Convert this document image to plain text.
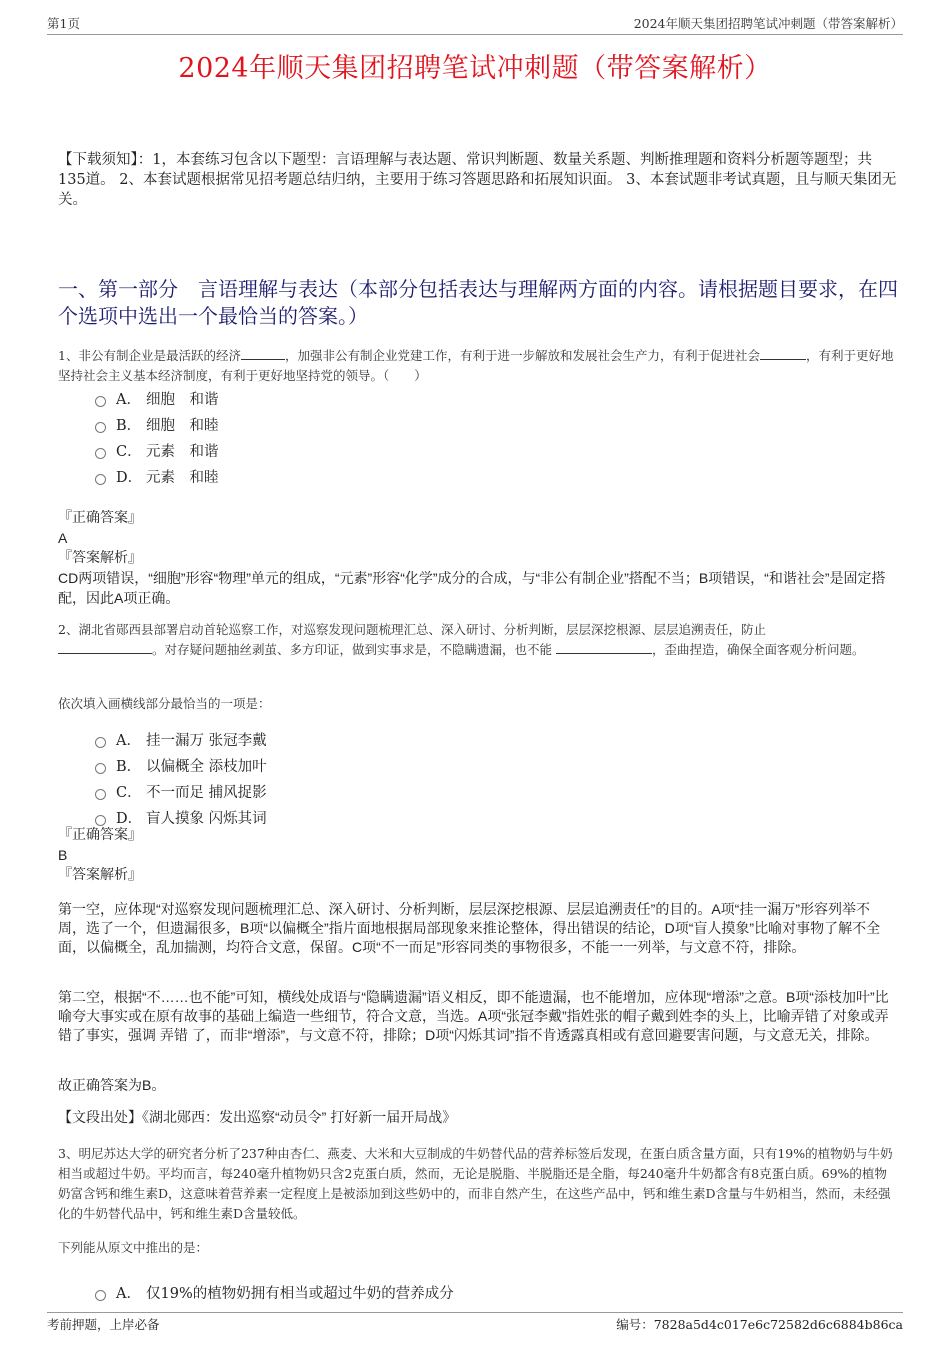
第1页	2024年顺天集团招聘笔试冲刺题（带答案解析）
2024年顺天集团招聘笔试冲刺题（带答案解析）
【下载须知】：1，本套练习包含以下题型：言语理解与表达题、常识判断题、数量关系题、判断推理题和资料分析题等题型；共135道。 2、本套试题根据常见招考题总结归纳，主要用于练习答题思路和拓展知识面。 3、本套试题非考试真题，且与顺天集团无关。
一、第一部分　言语理解与表达（本部分包括表达与理解两方面的内容。请根据题目要求，在四个选项中选出一个最恰当的答案。）
1、非公有制企业是最活跃的经济	，加强非公有制企业党建工作，有利于进一步解放和发展社会生产力，有利于促进社会	，有利于更好地坚持社会主义基本经济制度，有利于更好地坚持党的领导。（　　）
A． 细胞　和谐
B． 细胞　和睦
C． 元素　和谐
D． 元素　和睦
『正确答案』
A
『答案解析』
CD两项错误，“细胞”形容“物理”单元的组成，“元素”形容“化学”成分的合成，与“非公有制企业”搭配不当；B项错误，“和谐社会”是固定搭配，因此A项正确。
2、湖北省郧西县部署启动首轮巡察工作，对巡察发现问题梳理汇总、深入研讨、分析判断，层层深挖根源、层层追溯责任，防止
。对存疑问题抽丝剥茧、多方印证，做到实事求是，不隐瞒遗漏，也不能	，歪曲捏造，确保全面客观分析问题。
依次填入画横线部分最恰当的一项是：
A． 挂一漏万 张冠李戴
B． 以偏概全 添枝加叶
C． 不一而足 捕风捉影
D． 盲人摸象 闪烁其词
『正确答案』
B
『答案解析』
第一空，应体现“对巡察发现问题梳理汇总、深入研讨、分析判断，层层深挖根源、层层追溯责任”的目的。A项“挂一漏万”形容列举不周，选了一个，但遗漏很多，B项“以偏概全”指片面地根据局部现象来推论整体，得出错误的结论，D项“盲人摸象”比喻对事物了解不全面，以偏概全，乱加揣测，均符合文意，保留。C项“不一而足”形容同类的事物很多，不能一一列举，与文意不符，排除。
第二空，根据“不……也不能”可知，横线处成语与“隐瞒遗漏”语义相反，即不能遗漏，也不能增加，应体现“增添”之意。B项“添枝加叶”比喻夸大事实或在原有故事的基础上编造一些细节，符合文意，当选。A项“张冠李戴”指姓张的帽子戴到姓李的头上，比喻弄错了对象或弄错了事实，强调 弄错 了，而非“增添”，与文意不符，排除；D项“闪烁其词”指不肯透露真相或有意回避要害问题，与文意无关，排除。
故正确答案为B。
【文段出处】《湖北郧西：发出巡察“动员令” 打好新一届开局战》
3、明尼苏达大学的研究者分析了237种由杏仁、燕麦、大米和大豆制成的牛奶替代品的营养标签后发现，在蛋白质含量方面，只有19%的植物奶与牛奶相当或超过牛奶。平均而言，每240毫升植物奶只含2克蛋白质，然而，无论是脱脂、半脱脂还是全脂，每240毫升牛奶都含有8克蛋白质。69%的植物奶富含钙和维生素D，这意味着营养素一定程度上是被添加到这些奶中的，而非自然产生，在这些产品中，钙和维生素D含量与牛奶相当，然而，未经强化的牛奶替代品中，钙和维生素D含量较低。
下列能从原文中推出的是：
A． 仅19%的植物奶拥有相当或超过牛奶的营养成分
考前押题，上岸必备	编号：7828a5d4c017e6c72582d6c6884b86ca
